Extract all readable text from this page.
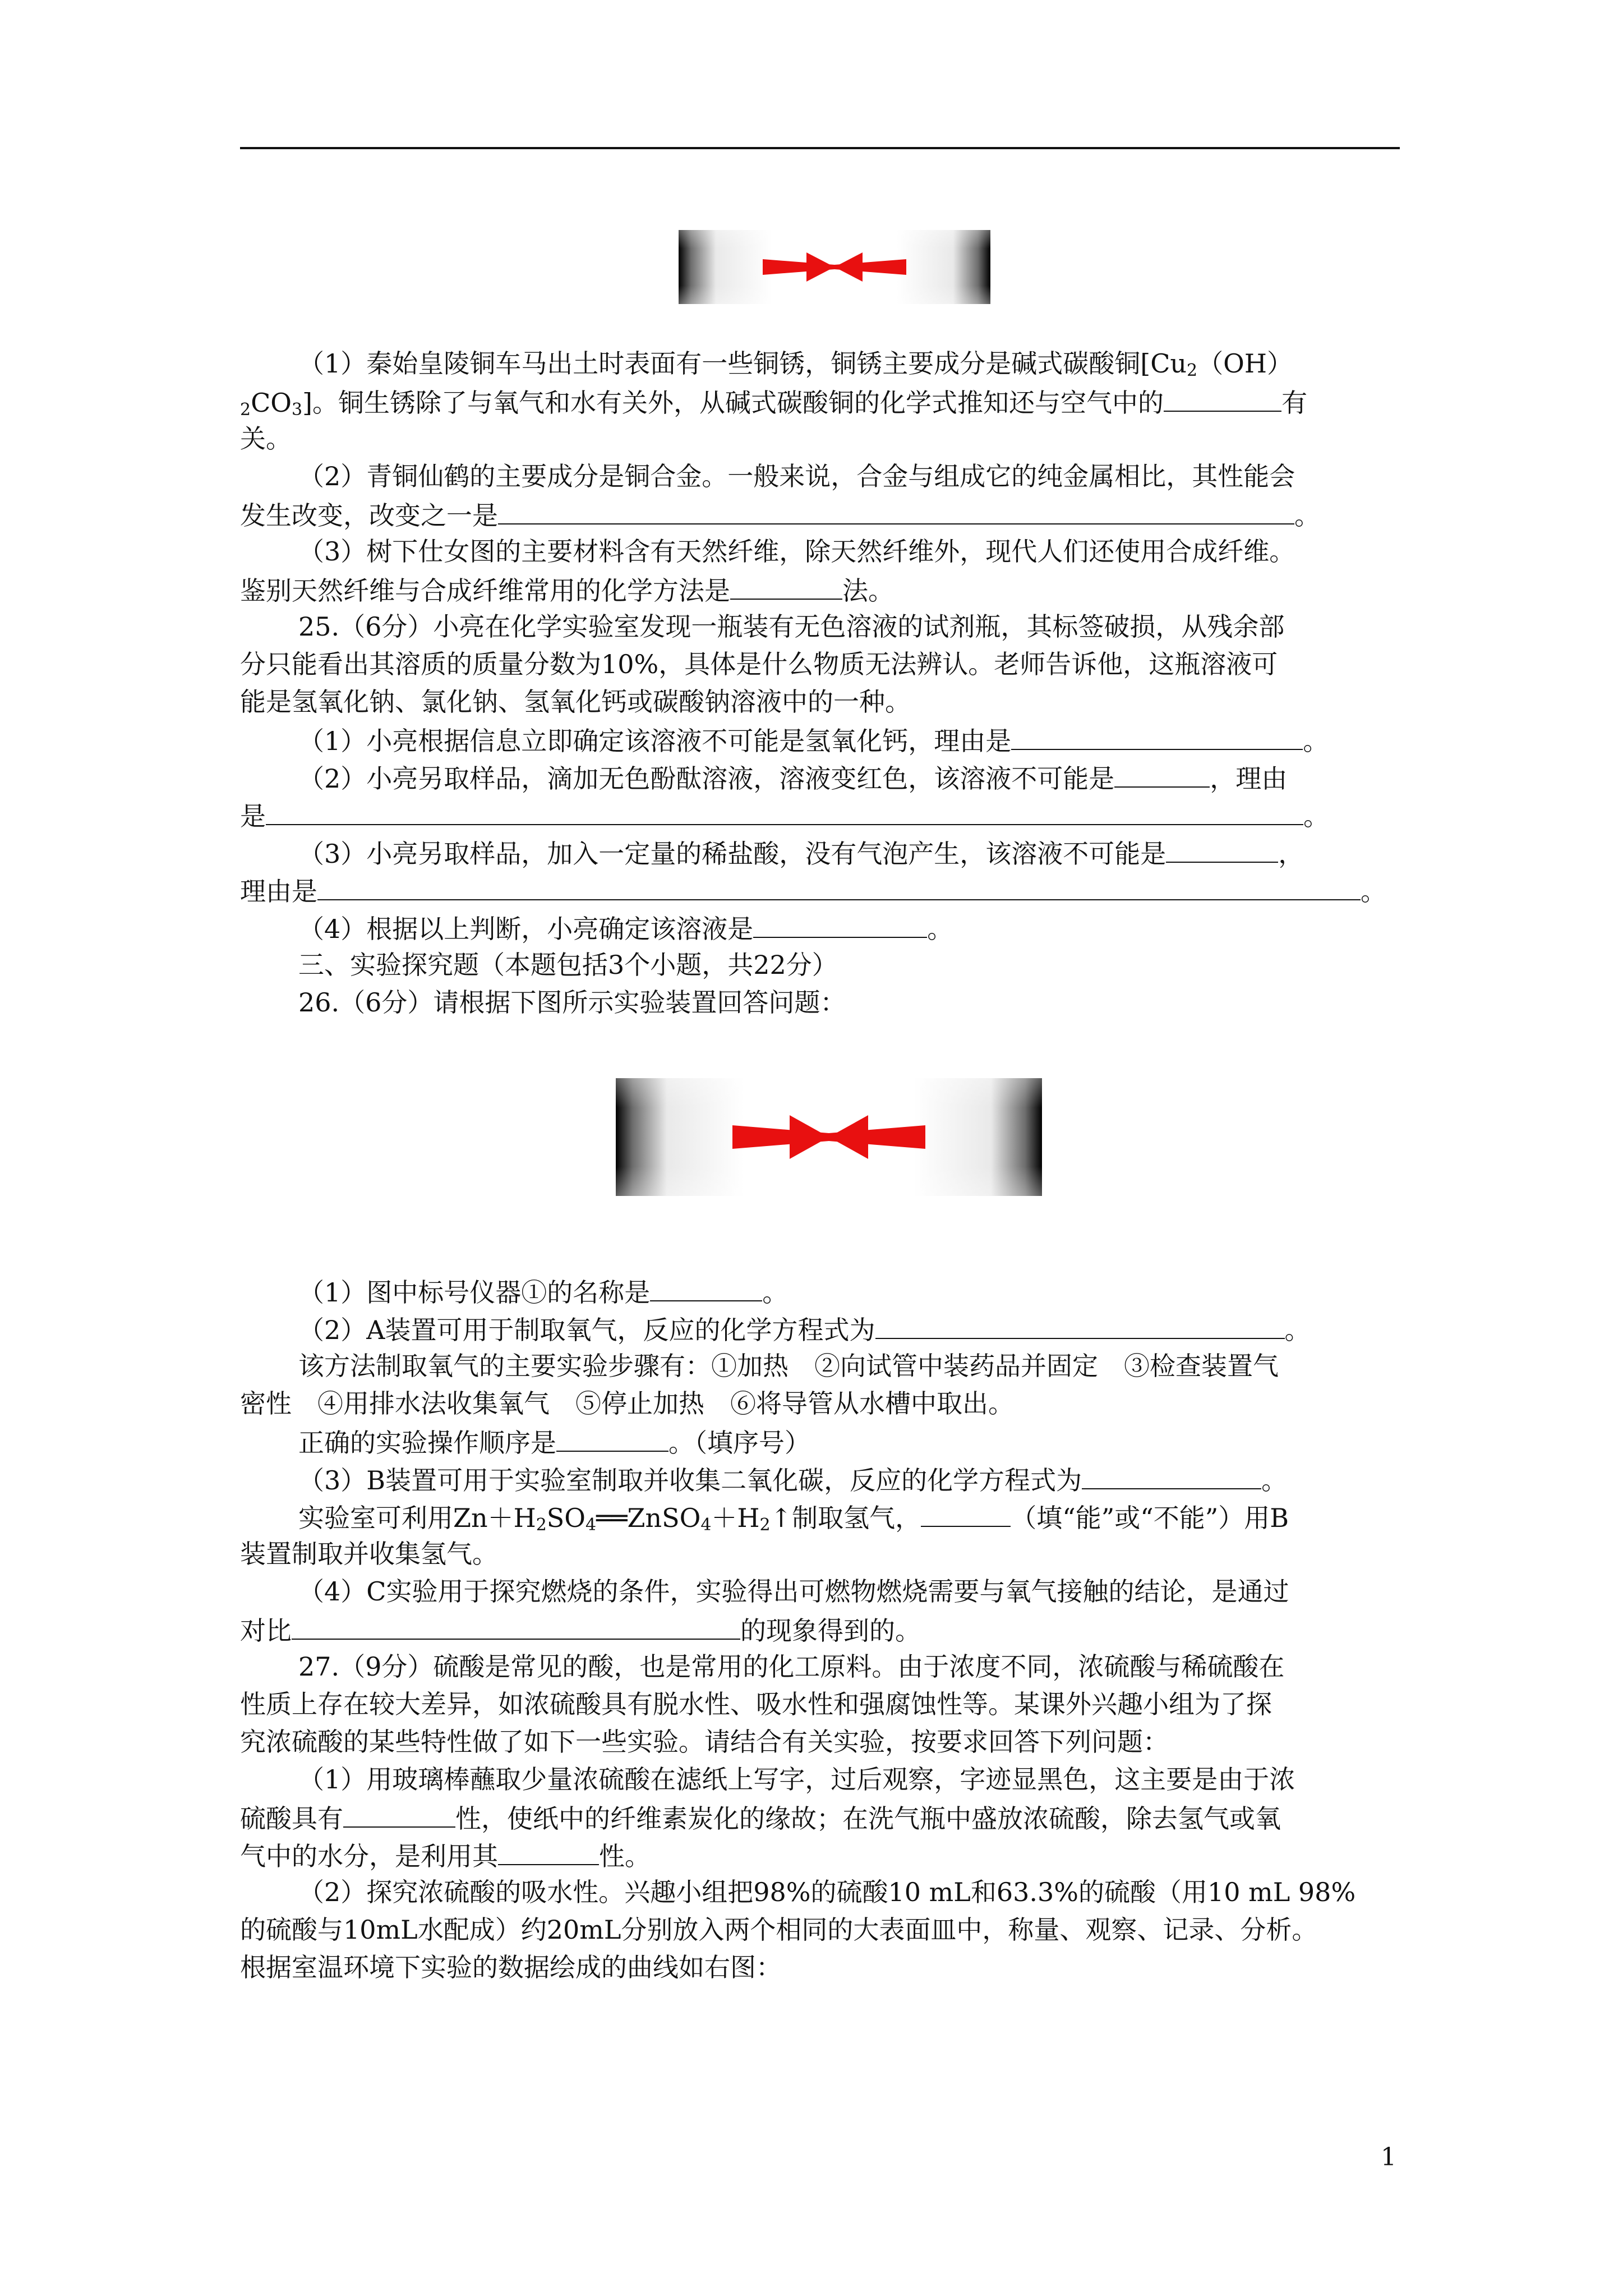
（1）秦始皇陵铜车马出土时表面有一些铜锈，铜锈主要成分是碱式碳酸铜[$Cu_2(OH)$
$_2CO_3$]。铜生锈除了与氧气和水有关外，从碱式碳酸铜的化学式推知还与空气中的	有
关。
（2）青铜仙鹤的主要成分是铜合金。一般来说，合金与组成它的纯金属相比，其性能会
发生改变，改变之一是	。
（3）树下仕女图的主要材料含有天然纤维，除天然纤维外，现代人们还使用合成纤维。
鉴别天然纤维与合成纤维常用的化学方法是	法。
25.（6分）小亮在化学实验室发现一瓶装有无色溶液的试剂瓶，其标签破损，从残余部
分只能看出其溶质的质量分数为10%，具体是什么物质无法辨认。老师告诉他，这瓶溶液可
能是氢氧化钠、氯化钠、氢氧化钙或碳酸钠溶液中的一种。
（1）小亮根据信息立即确定该溶液不可能是氢氧化钙，理由是	。
（2）小亮另取样品，滴加无色酚酞溶液，溶液变红色，该溶液不可能是	，理由
是	。
（3）小亮另取样品，加入一定量的稀盐酸，没有气泡产生，该溶液不可能是	，
理由是	。
（4）根据以上判断，小亮确定该溶液是	。
三、实验探究题（本题包括3个小题，共22分）
26.（6分）请根据下图所示实验装置回答问题：
（1）图中标号仪器①的名称是	。
（2）A装置可用于制取氧气，反应的化学方程式为	。
该方法制取氧气的主要实验步骤有：①加热　②向试管中装药品并固定　③检查装置气
密性　④用排水法收集氧气　⑤停止加热　⑥将导管从水槽中取出。
正确的实验操作顺序是	。（填序号）
（3）B装置可用于实验室制取并收集二氧化碳，反应的化学方程式为	。
实验室可利用$Zn+H_2SO_4══ZnSO_4+H_2↑$制取氢气，	（填“能”或“不能”）用B
装置制取并收集氢气。
（4）C实验用于探究燃烧的条件，实验得出可燃物燃烧需要与氧气接触的结论，是通过
对比	的现象得到的。
27.（9分）硫酸是常见的酸，也是常用的化工原料。由于浓度不同，浓硫酸与稀硫酸在
性质上存在较大差异，如浓硫酸具有脱水性、吸水性和强腐蚀性等。某课外兴趣小组为了探
究浓硫酸的某些特性做了如下一些实验。请结合有关实验，按要求回答下列问题：
（1）用玻璃棒蘸取少量浓硫酸在滤纸上写字，过后观察，字迹显黑色，这主要是由于浓
硫酸具有	性，使纸中的纤维素炭化的缘故；在洗气瓶中盛放浓硫酸，除去氢气或氧
气中的水分，是利用其	性。
（2）探究浓硫酸的吸水性。兴趣小组把98%的硫酸10 mL和63.3%的硫酸（用10 mL 98%
的硫酸与10mL水配成）约20mL分别放入两个相同的大表面皿中，称量、观察、记录、分析。
根据室温环境下实验的数据绘成的曲线如右图：
1
